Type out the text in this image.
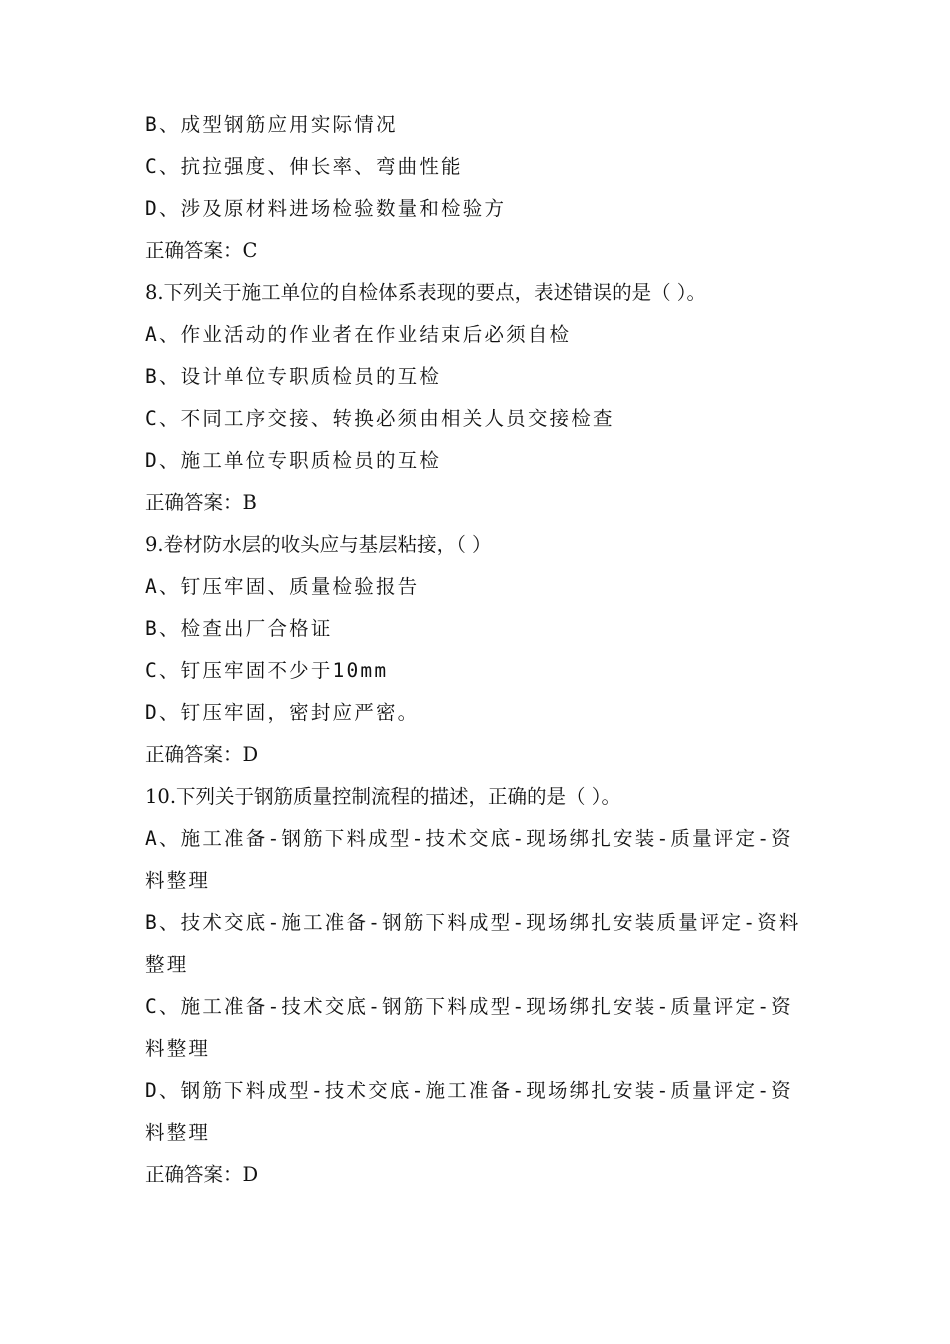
B、成型钢筋应用实际情况
C、抗拉强度、伸长率、弯曲性能
D、涉及原材料进场检验数量和检验方
正确答案：C
8.下列关于施工单位的自检体系表现的要点，表述错误的是（ ）。
A、作业活动的作业者在作业结束后必须自检
B、设计单位专职质检员的互检
C、不同工序交接、转换必须由相关人员交接检查
D、施工单位专职质检员的互检
正确答案：B
9.卷材防水层的收头应与基层粘接，（ ）
A、钉压牢固、质量检验报告
B、检查出厂合格证
C、钉压牢固不少于10mm
D、钉压牢固，密封应严密。
正确答案：D
10.下列关于钢筋质量控制流程的描述，正确的是（ ）。
A、施工准备-钢筋下料成型-技术交底-现场绑扎安装-质量评定-资
料整理
B、技术交底-施工准备-钢筋下料成型-现场绑扎安装质量评定-资料
整理
C、施工准备-技术交底-钢筋下料成型-现场绑扎安装-质量评定-资
料整理
D、钢筋下料成型-技术交底-施工准备-现场绑扎安装-质量评定-资
料整理
正确答案：D
